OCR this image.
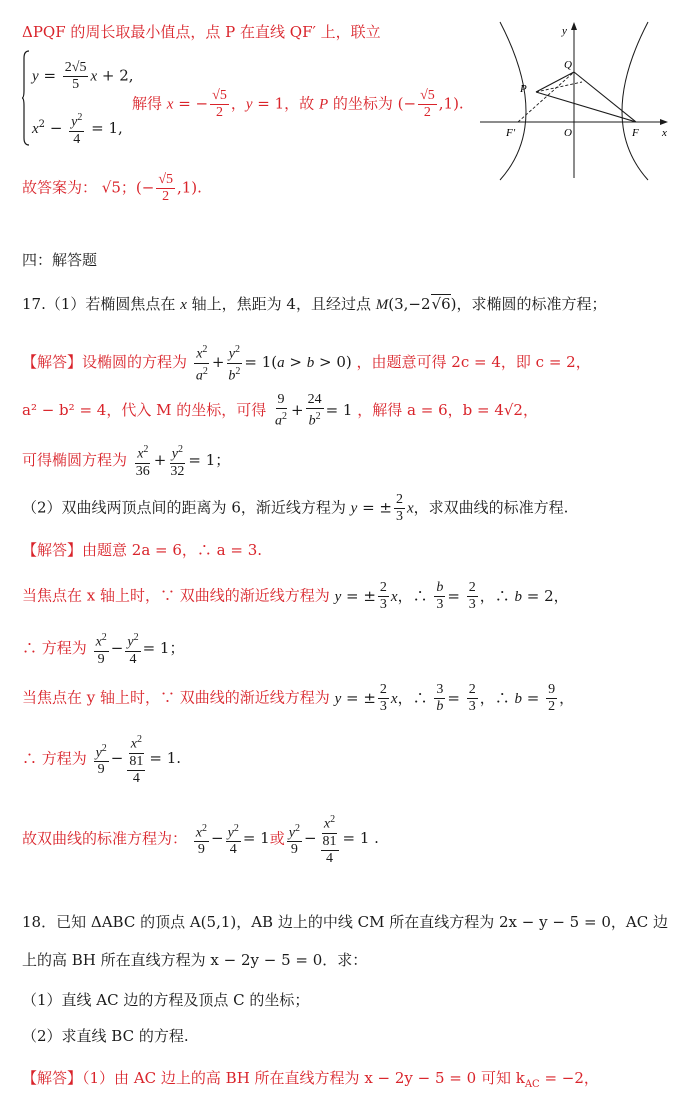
ΔPQF 的周长取最小值点，点 P 在直线 QF′ 上，联立
$y = \frac{2√5}{5}$ x + 2,
$x^2 - \frac{y^2}{4} = 1$,
解得 x = − $\frac{√5}{2}$ ，y = 1，故 P 的坐标为 (− $\frac{√5}{2} ,1$).
故答案为： √5；(− $\frac{√5}{2} ,1$).
y
Q
P
F′	O	F x
四：解答题
17.（1）若椭圆焦点在 x 轴上，焦距为 4，且经过点 M(3,−2√6)，求椭圆的标准方程；
【解答】设椭圆的方程为 $\frac{x^2}{a^2} + \frac{y^2}{b^2} = 1(a > b > 0)$ ，由题意可得 2c = 4，即 c = 2，
a² − b² = 4，代入 M 的坐标，可得 $\frac{9}{a^2} + \frac{24}{b^2} = 1$ ，解得 a = 6，b = 4√2，
可得椭圆方程为 $\frac{x^2}{36} + \frac{y^2}{32} = 1$；
（2）双曲线两顶点间的距离为 6，渐近线方程为 y = ± $\frac{2}{3}$ x，求双曲线的标准方程.
【解答】由题意 2a = 6，∴ a = 3.
当焦点在 x 轴上时，∵ 双曲线的渐近线方程为 y = ± $\frac{2}{3}$ x，∴ $\frac{b}{3} = \frac{2}{3}$ ，∴ b = 2，
∴ 方程为 $\frac{x^2}{9} - \frac{y^2}{4} = 1$；
当焦点在 y 轴上时，∵ 双曲线的渐近线方程为 y = ± $\frac{2}{3}$ x，∴ $\frac{3}{b} = \frac{2}{3}$ ，∴ $b = \frac{9}{2}$ ，
∴ 方程为 $\frac{y^2}{9} - \frac{x^2}{\frac{81}{4}} = 1$.
故双曲线的标准方程为： $\frac{x^2}{9} - \frac{y^2}{4} = 1$或 $\frac{y^2}{9} - \frac{x^2}{\frac{81}{4}} = 1$ .
18．已知 ΔABC 的顶点 A(5,1)，AB 边上的中线 CM 所在直线方程为 2x − y − 5 = 0，AC 边
上的高 BH 所在直线方程为 x − 2y − 5 = 0．求：
（1）直线 AC 边的方程及顶点 C 的坐标；
（2）求直线 BC 的方程.
【解答】（1）由 AC 边上的高 BH 所在直线方程为 x − 2y − 5 = 0 可知 $k_{AC} = -2$，
